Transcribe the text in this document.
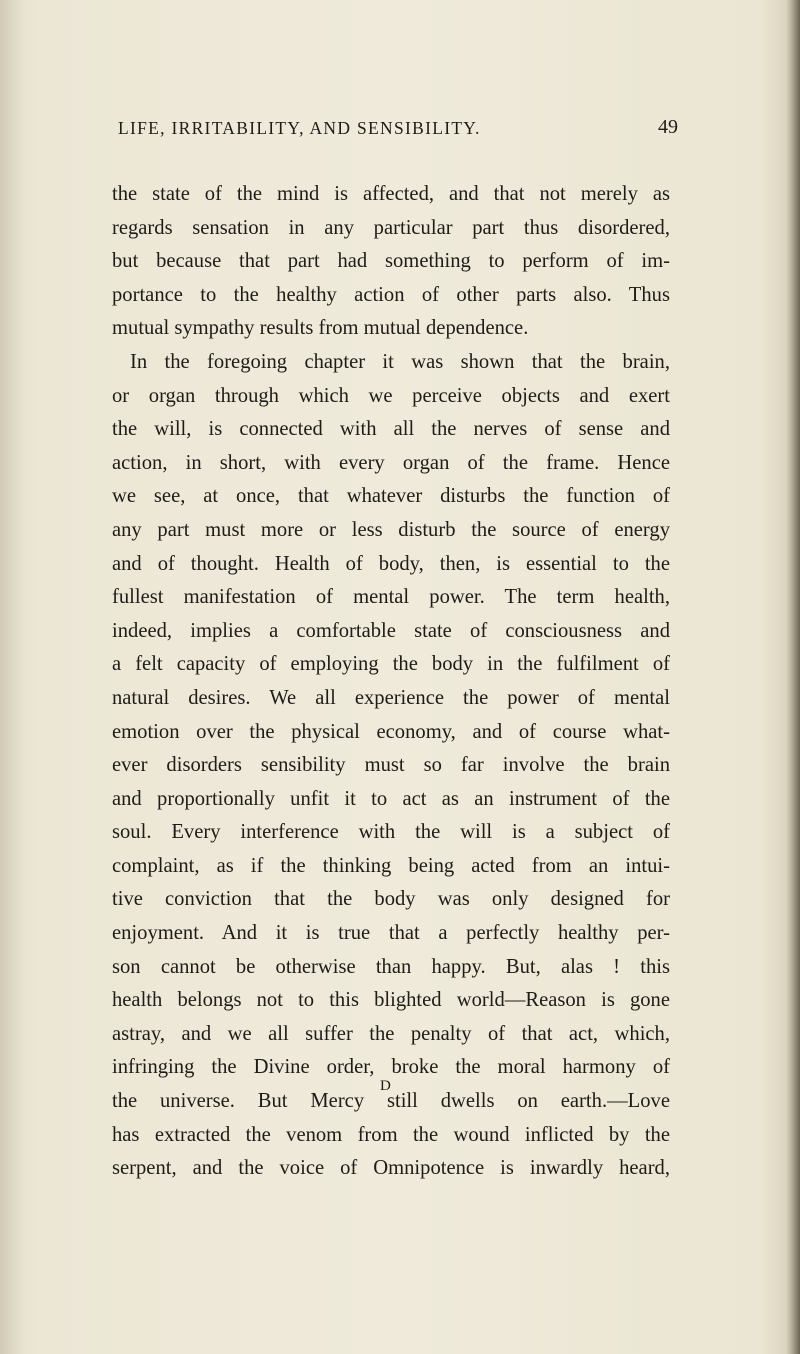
LIFE, IRRITABILITY, AND SENSIBILITY.	49
the state of the mind is affected, and that not merely as
regards sensation in any particular part thus disordered,
but because that part had something to perform of im-
portance to the healthy action of other parts also. Thus
mutual sympathy results from mutual dependence.
In the foregoing chapter it was shown that the brain,
or organ through which we perceive objects and exert
the will, is connected with all the nerves of sense and
action, in short, with every organ of the frame. Hence
we see, at once, that whatever disturbs the function of
any part must more or less disturb the source of energy
and of thought. Health of body, then, is essential to the
fullest manifestation of mental power. The term health,
indeed, implies a comfortable state of consciousness and
a felt capacity of employing the body in the fulfilment of
natural desires. We all experience the power of mental
emotion over the physical economy, and of course what-
ever disorders sensibility must so far involve the brain
and proportionally unfit it to act as an instrument of the
soul. Every interference with the will is a subject of
complaint, as if the thinking being acted from an intui-
tive conviction that the body was only designed for
enjoyment. And it is true that a perfectly healthy per-
son cannot be otherwise than happy. But, alas ! this
health belongs not to this blighted world—Reason is gone
astray, and we all suffer the penalty of that act, which,
infringing the Divine order, broke the moral harmony of
the universe. But Mercy still dwells on earth.—Love
has extracted the venom from the wound inflicted by the
serpent, and the voice of Omnipotence is inwardly heard,
D
